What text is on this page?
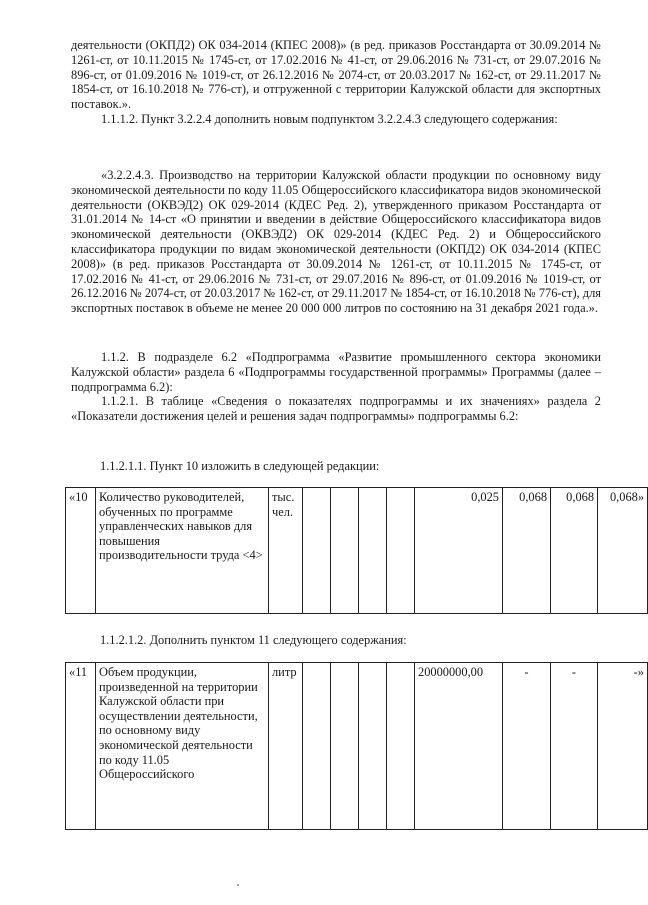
деятельности (ОКПД2) ОК 034-2014 (КПЕС 2008)» (в ред. приказов Росстандарта от 30.09.2014 № 1261-ст, от 10.11.2015 № 1745-ст, от 17.02.2016 № 41-ст, от 29.06.2016 № 731-ст, от 29.07.2016 № 896-ст, от 01.09.2016 № 1019-ст, от 26.12.2016 № 2074-ст, от 20.03.2017 № 162-ст, от 29.11.2017 № 1854-ст, от 16.10.2018 № 776-ст), и отгруженной с территории Калужской области для экспортных поставок.».

1.1.1.2. Пункт 3.2.2.4 дополнить новым подпунктом 3.2.2.4.3 следующего содержания:

«3.2.2.4.3. Производство на территории Калужской области продукции по основному виду экономической деятельности по коду 11.05 Общероссийского классификатора видов экономической деятельности (ОКВЭД2) ОК 029-2014 (КДЕС Ред. 2), утвержденного приказом Росстандарта от 31.01.2014 № 14-ст «О принятии и введении в действие Общероссийского классификатора видов экономической деятельности (ОКВЭД2) ОК 029-2014 (КДЕС Ред. 2) и Общероссийского классификатора продукции по видам экономической деятельности (ОКПД2) ОК 034-2014 (КПЕС 2008)» (в ред. приказов Росстандарта от 30.09.2014 № 1261-ст, от 10.11.2015 № 1745-ст, от 17.02.2016 № 41-ст, от 29.06.2016 № 731-ст, от 29.07.2016 № 896-ст, от 01.09.2016 № 1019-ст, от 26.12.2016 № 2074-ст, от 20.03.2017 № 162-ст, от 29.11.2017 № 1854-ст, от 16.10.2018 № 776-ст), для экспортных поставок в объеме не менее 20 000 000 литров по состоянию на 31 декабря 2021 года.».

1.1.2. В подразделе 6.2 «Подпрограмма «Развитие промышленного сектора экономики Калужской области» раздела 6 «Подпрограммы государственной программы» Программы (далее – подпрограмма 6.2):

1.1.2.1. В таблице «Сведения о показателях подпрограммы и их значениях» раздела 2 «Показатели достижения целей и решения задач подпрограммы» подпрограммы 6.2:

1.1.2.1.1. Пункт 10 изложить в следующей редакции:
«10	Количество руководителей, обученных по программе управленческих навыков для повышения производительности труда <4>	тыс. чел.					0,025	0,068	0,068	0,068»
1.1.2.1.2. Дополнить пунктом 11 следующего содержания:
«11	Объем продукции, произведенной на территории Калужской области при осуществлении деятельности, по основному виду экономической деятельности по коду 11.05 Общероссийского	литр					20000000,00	-	-	-»
